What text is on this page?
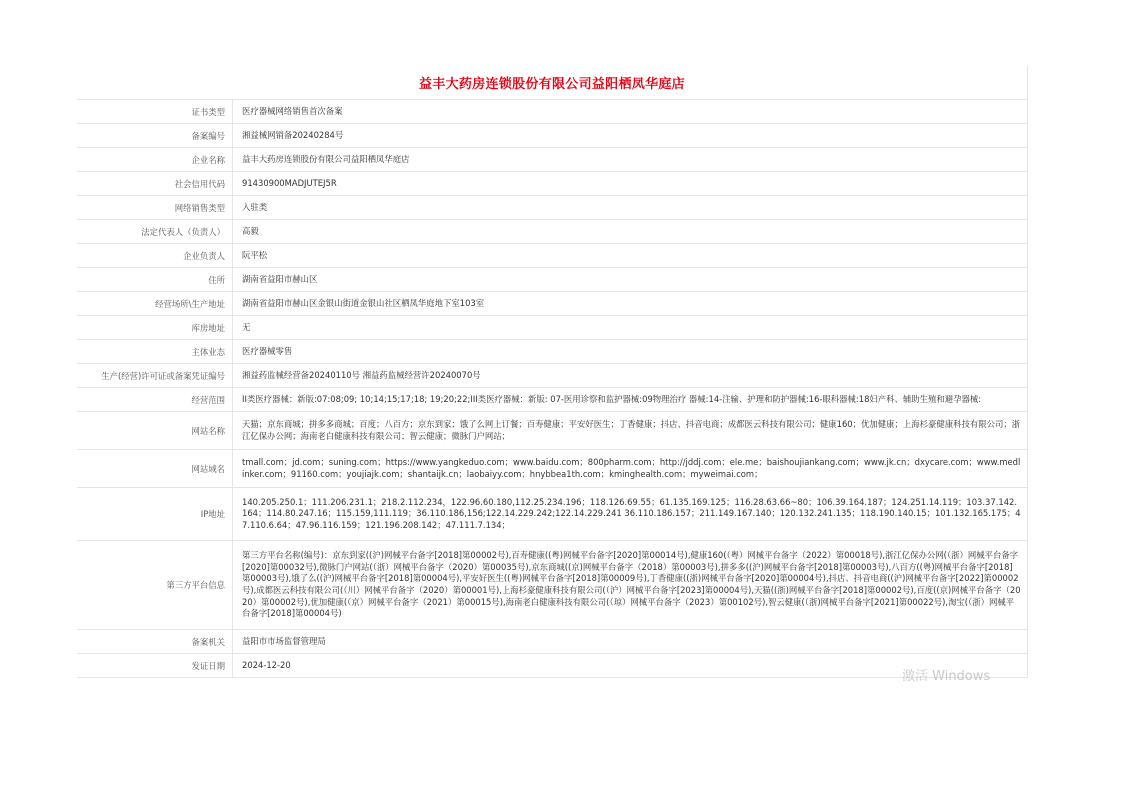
益丰大药房连锁股份有限公司益阳栖凤华庭店
证书类型	医疗器械网络销售首次备案
备案编号	湘益械网销备20240284号
企业名称	益丰大药房连锁股份有限公司益阳栖凤华庭店
社会信用代码	91430900MADJUTEJ5R
网络销售类型	入驻类
法定代表人（负责人）	高毅
企业负责人	阮平松
住所	湖南省益阳市赫山区
经营场所\生产地址	湖南省益阳市赫山区金银山街道金银山社区栖凤华庭地下室103室
库房地址	无
主体业态	医疗器械零售
生产(经营)许可证或备案凭证编号	湘益药监械经营备20240110号 湘益药监械经营许20240070号
经营范围	II类医疗器械：新版:07:08;09; 10;14;15;17;18; 19;20;22;III类医疗器械：新版: 07-医用诊察和监护器械:09物理治疗 器械:14-注输、护理和防护器械:16-眼科器械:18妇产科、辅助生殖和避孕器械:
网站名称	天猫；京东商城；拼多多商城；百度；八百方；京东到家；饿了么网上订餐；百寿健康；平安好医生；丁香健康；抖店、抖音电商；成都医云科技有限公司；健康160；优加健康；上海杉豪健康科技有限公司；浙江亿保办公网；海南老白健康科技有限公司；智云健康；微脉门户网站；
网站域名	tmall.com；jd.com；suning.com；https://www.yangkeduo.com；www.baidu.com；800pharm.com；http://jddj.com；ele.me；baishoujiankang.com；www.jk.cn；dxycare.com；www.medlinker.com；91160.com；youjiajk.com；shantaijk.cn；laobaiyy.com；hnybbea1th.com；kminghealth.com；myweimai.com；
IP地址	140.205.250.1；111.206.231.1；218.2.112.234，122.96.60.180,112.25.234.196；118.126.69.55；61.135.169.125；116.28.63.66~80；106.39.164.187；124.251.14.119；103.37.142.164；114.80.247.16；115.159,111.119；36.110.186,156;122.14.229.242;122.14.229.241 36.110.186.157；211.149.167.140；120.132.241.135；118.190.140.15；101.132.165.175；47.110.6.64；47.96.116.159；121.196.208.142；47.111.7.134；
第三方平台信息	第三方平台名称(编号)：京东到家((沪)网械平台备字[2018]第00002号),百寿健康((粤)网械平台备字[2020]第00014号),健康160(（粤）网械平台备字（2022）第00018号),浙江亿保办公网(（浙）网械平台备字[2020]第00032号),微脉门户网站(（浙）网械平台备字（2020）第00035号),京东商城((京)网械平台备字（2018）第00003号),拼多多((沪)网械平台备字[2018]第00003号),八百方((粤)网械平台备字[2018]第00003号),饿了么((沪)网械平台备字[2018]第00004号),平安好医生((粤)网械平台备字[2018]第00009号),丁香健康((浙)网械平台备字[2020]第00004号),抖店、抖音电商((沪)网械平台备字[2022]第00002号),成都医云科技有限公司(（川）网械平台备字（2020）第00001号),上海杉豪健康科技有限公司(（沪）网械平台备字[2023]第00004号),天猫((浙)网械平台备字[2018]第00002号),百度((京)网械平台备字（2020）第00002号),优加健康(（京）网械平台备字（2021）第00015号),海南老白健康科技有限公司(（琼）网械平台备字（2023）第00102号),智云健康(（浙)网械平台备字[2021]第00022号),淘宝(（浙）网械平台备字[2018]第00004号)
备案机关	益阳市市场监督管理局
发证日期	2024-12-20
激活 Windows
